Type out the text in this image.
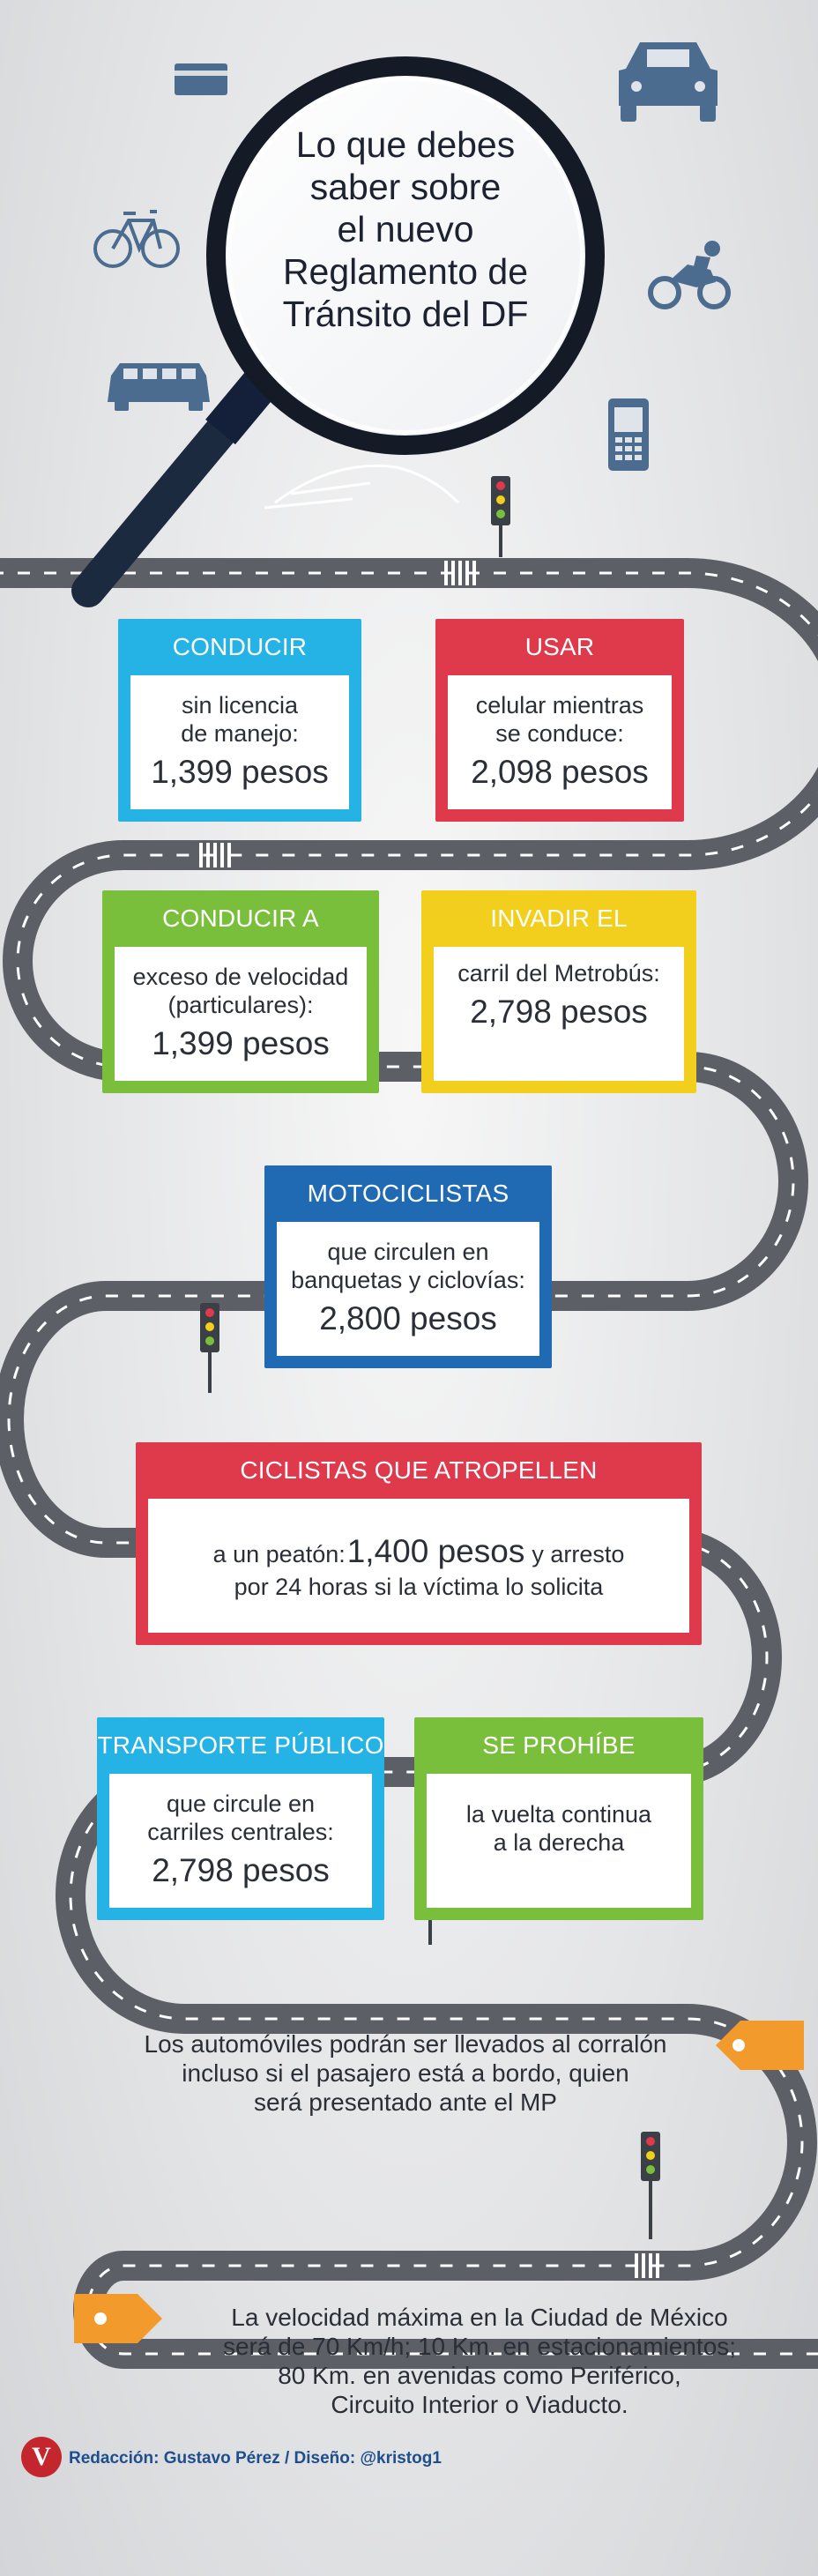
Lo que debes
saber sobre
el nuevo
Reglamento de
Tránsito del DF
CONDUCIR
sin licencia
de manejo:
1,399 pesos
USAR
celular mientras
se conduce:
2,098 pesos
CONDUCIR A
exceso de velocidad
(particulares):
1,399 pesos
INVADIR EL
carril del Metrobús:
2,798 pesos
MOTOCICLISTAS
que circulen en
banquetas y ciclovías:
2,800 pesos
CICLISTAS QUE ATROPELLEN
a un peatón: 1,400 pesos y arresto
por 24 horas si la víctima lo solicita
TRANSPORTE PÚBLICO
que circule en
carriles centrales:
2,798 pesos
SE PROHÍBE
la vuelta continua
a la derecha
Los automóviles podrán ser llevados al corralón
incluso si el pasajero está a bordo, quien
será presentado ante el MP
La velocidad máxima en la Ciudad de México
será de 70 Km/h; 10 Km. en estacionamientos;
80 Km. en avenidas como Periférico,
Circuito Interior o Viaducto.
V	Redacción: Gustavo Pérez / Diseño: @kristog1
